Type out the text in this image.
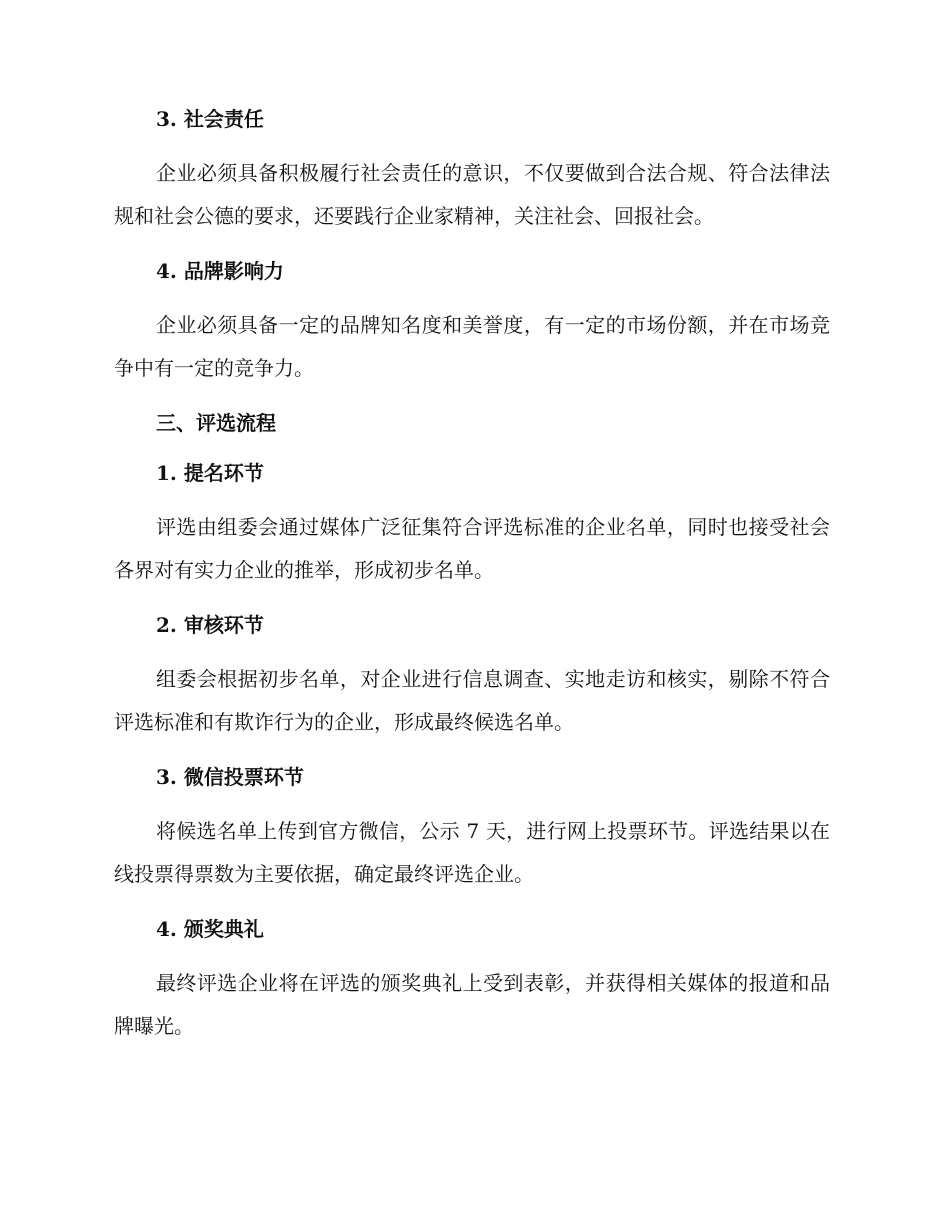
3. 社会责任

企业必须具备积极履行社会责任的意识，不仅要做到合法合规、符合法律法规和社会公德的要求，还要践行企业家精神，关注社会、回报社会。

4. 品牌影响力

企业必须具备一定的品牌知名度和美誉度，有一定的市场份额，并在市场竞争中有一定的竞争力。

三、评选流程
1. 提名环节

评选由组委会通过媒体广泛征集符合评选标准的企业名单，同时也接受社会各界对有实力企业的推举，形成初步名单。

2. 审核环节

组委会根据初步名单，对企业进行信息调查、实地走访和核实，剔除不符合评选标准和有欺诈行为的企业，形成最终候选名单。

3. 微信投票环节

将候选名单上传到官方微信，公示 7 天，进行网上投票环节。评选结果以在线投票得票数为主要依据，确定最终评选企业。

4. 颁奖典礼

最终评选企业将在评选的颁奖典礼上受到表彰，并获得相关媒体的报道和品牌曝光。
